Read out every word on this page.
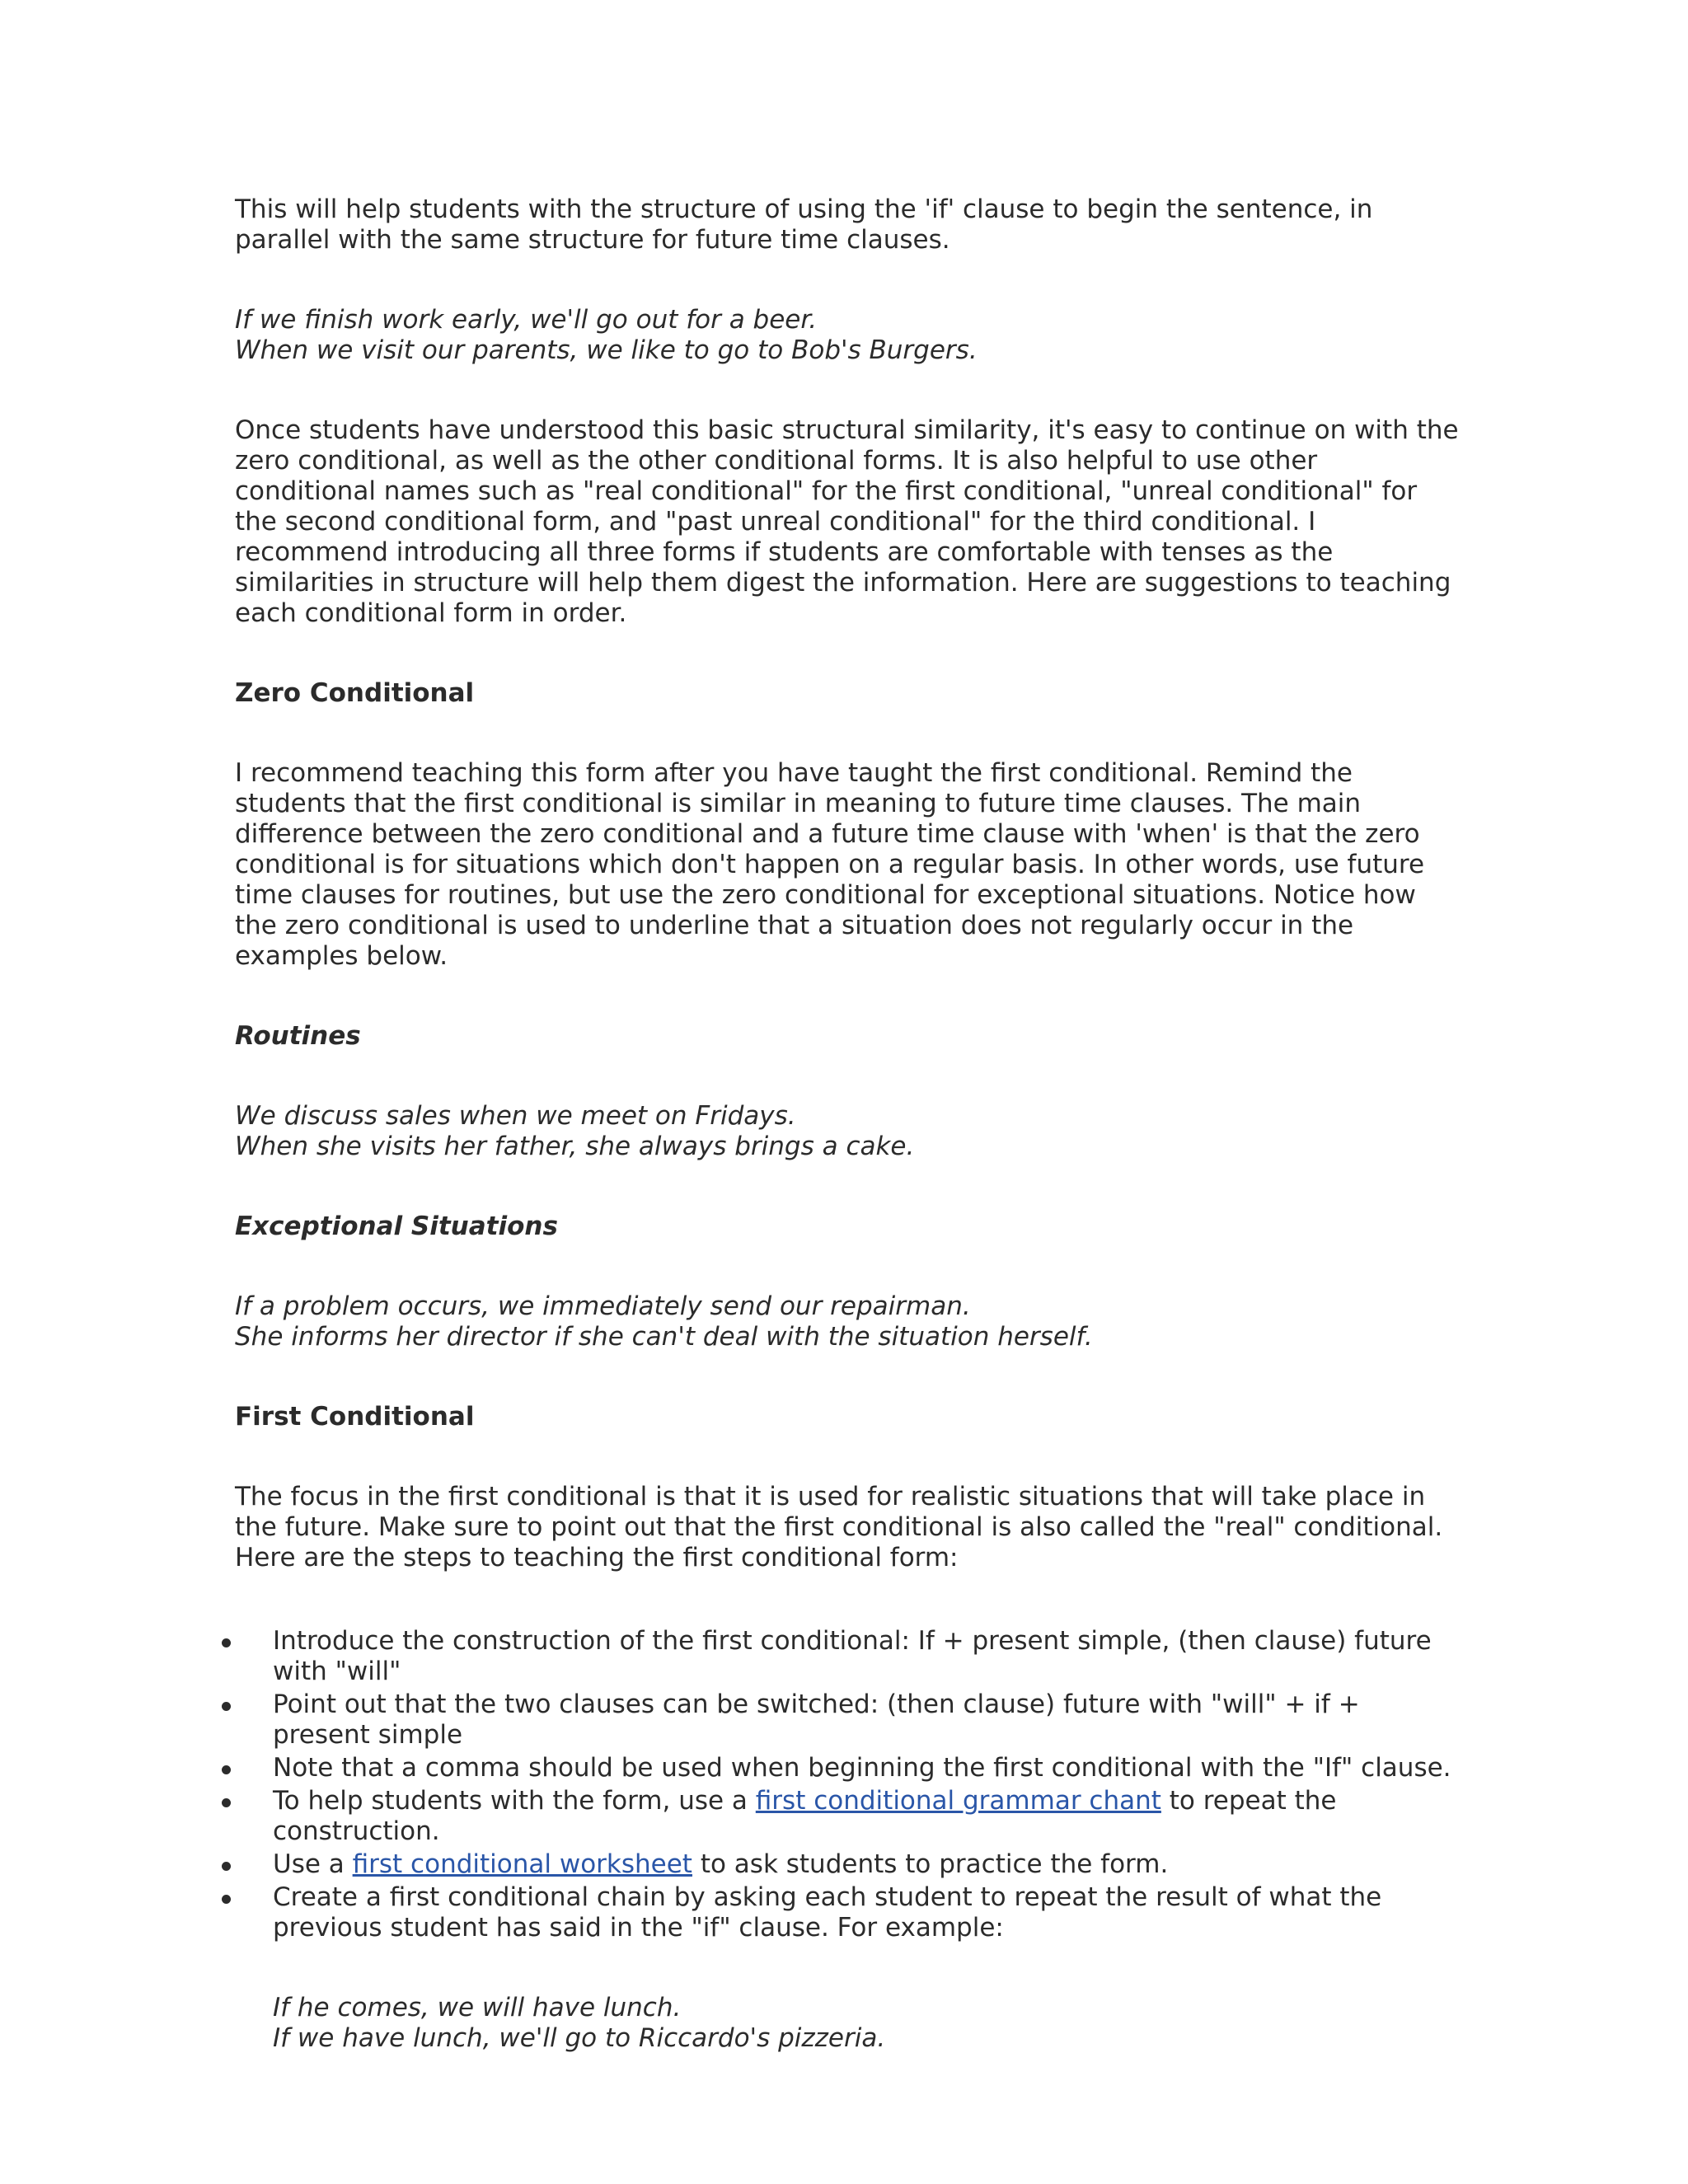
This will help students with the structure of using the 'if' clause to begin the sentence, in parallel with the same structure for future time clauses.

If we finish work early, we'll go out for a beer.

When we visit our parents, we like to go to Bob's Burgers.

Once students have understood this basic structural similarity, it's easy to continue on with the zero conditional, as well as the other conditional forms. It is also helpful to use other conditional names such as "real conditional" for the first conditional, "unreal conditional" for the second conditional form, and "past unreal conditional" for the third conditional. I recommend introducing all three forms if students are comfortable with tenses as the similarities in structure will help them digest the information. Here are suggestions to teaching each conditional form in order.

Zero Conditional

I recommend teaching this form after you have taught the first conditional. Remind the students that the first conditional is similar in meaning to future time clauses. The main difference between the zero conditional and a future time clause with 'when' is that the zero conditional is for situations which don't happen on a regular basis. In other words, use future time clauses for routines, but use the zero conditional for exceptional situations. Notice how the zero conditional is used to underline that a situation does not regularly occur in the examples below.

Routines

We discuss sales when we meet on Fridays.

When she visits her father, she always brings a cake.

Exceptional Situations

If a problem occurs, we immediately send our repairman.

She informs her director if she can't deal with the situation herself.

First Conditional

The focus in the first conditional is that it is used for realistic situations that will take place in the future. Make sure to point out that the first conditional is also called the "real" conditional. Here are the steps to teaching the first conditional form:

Introduce the construction of the first conditional: If + present simple, (then clause) future with "will"
Point out that the two clauses can be switched: (then clause) future with "will" + if + present simple
Note that a comma should be used when beginning the first conditional with the "If" clause.
To help students with the form, use a first conditional grammar chant to repeat the construction.
Use a first conditional worksheet to ask students to practice the form.
Create a first conditional chain by asking each student to repeat the result of what the previous student has said in the "if" clause. For example:

If he comes, we will have lunch.

If we have lunch, we'll go to Riccardo's pizzeria.
